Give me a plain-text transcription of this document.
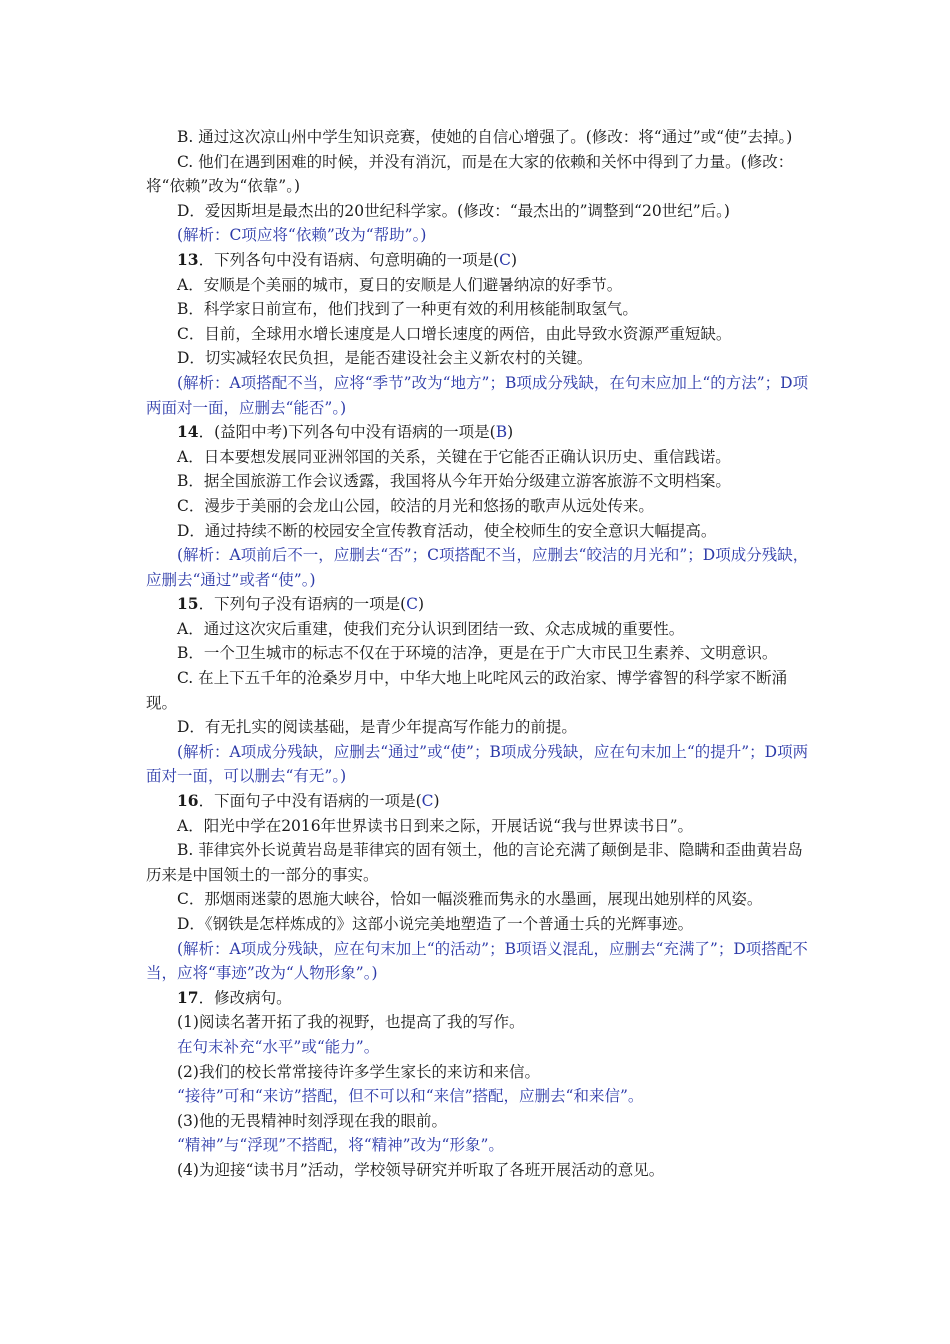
B. 通过这次凉山州中学生知识竞赛，使她的自信心增强了。(修改：将“通过”或“使”去掉。)

C. 他们在遇到困难的时候，并没有消沉，而是在大家的依赖和关怀中得到了力量。(修改：将“依赖”改为“依靠”。)

D．爱因斯坦是最杰出的20世纪科学家。(修改：“最杰出的”调整到“20世纪”后。)

(解析：C项应将“依赖”改为“帮助”。)

13．下列各句中没有语病、句意明确的一项是(C)

A．安顺是个美丽的城市，夏日的安顺是人们避暑纳凉的好季节。

B．科学家日前宣布，他们找到了一种更有效的利用核能制取氢气。

C．目前，全球用水增长速度是人口增长速度的两倍，由此导致水资源严重短缺。

D．切实减轻农民负担，是能否建设社会主义新农村的关键。

(解析：A项搭配不当，应将“季节”改为“地方”；B项成分残缺，在句末应加上“的方法”；D项两面对一面，应删去“能否”。)

14．(益阳中考)下列各句中没有语病的一项是(B)

A．日本要想发展同亚洲邻国的关系，关键在于它能否正确认识历史、重信践诺。

B．据全国旅游工作会议透露，我国将从今年开始分级建立游客旅游不文明档案。

C．漫步于美丽的会龙山公园，皎洁的月光和悠扬的歌声从远处传来。

D．通过持续不断的校园安全宣传教育活动，使全校师生的安全意识大幅提高。

(解析：A项前后不一，应删去“否”；C项搭配不当，应删去“皎洁的月光和”；D项成分残缺，应删去“通过”或者“使”。)

15．下列句子没有语病的一项是(C)

A．通过这次灾后重建，使我们充分认识到团结一致、众志成城的重要性。

B．一个卫生城市的标志不仅在于环境的洁净，更是在于广大市民卫生素养、文明意识。

C. 在上下五千年的沧桑岁月中，中华大地上叱咤风云的政治家、博学睿智的科学家不断涌现。

D．有无扎实的阅读基础，是青少年提高写作能力的前提。

(解析：A项成分残缺，应删去“通过”或“使”；B项成分残缺，应在句末加上“的提升”；D项两面对一面，可以删去“有无”。)

16．下面句子中没有语病的一项是(C)

A．阳光中学在2016年世界读书日到来之际，开展话说“我与世界读书日”。

B. 菲律宾外长说黄岩岛是菲律宾的固有领土，他的言论充满了颠倒是非、隐瞒和歪曲黄岩岛历来是中国领土的一部分的事实。

C．那烟雨迷蒙的恩施大峡谷，恰如一幅淡雅而隽永的水墨画，展现出她别样的风姿。

D．《钢铁是怎样炼成的》这部小说完美地塑造了一个普通士兵的光辉事迹。

(解析：A项成分残缺，应在句末加上“的活动”；B项语义混乱，应删去“充满了”；D项搭配不当，应将“事迹”改为“人物形象”。)

17．修改病句。

(1)阅读名著开拓了我的视野，也提高了我的写作。

在句末补充“水平”或“能力”。

(2)我们的校长常常接待许多学生家长的来访和来信。

“接待”可和“来访”搭配，但不可以和“来信”搭配，应删去“和来信”。

(3)他的无畏精神时刻浮现在我的眼前。

“精神”与“浮现”不搭配，将“精神”改为“形象”。

(4)为迎接“读书月”活动，学校领导研究并听取了各班开展活动的意见。
